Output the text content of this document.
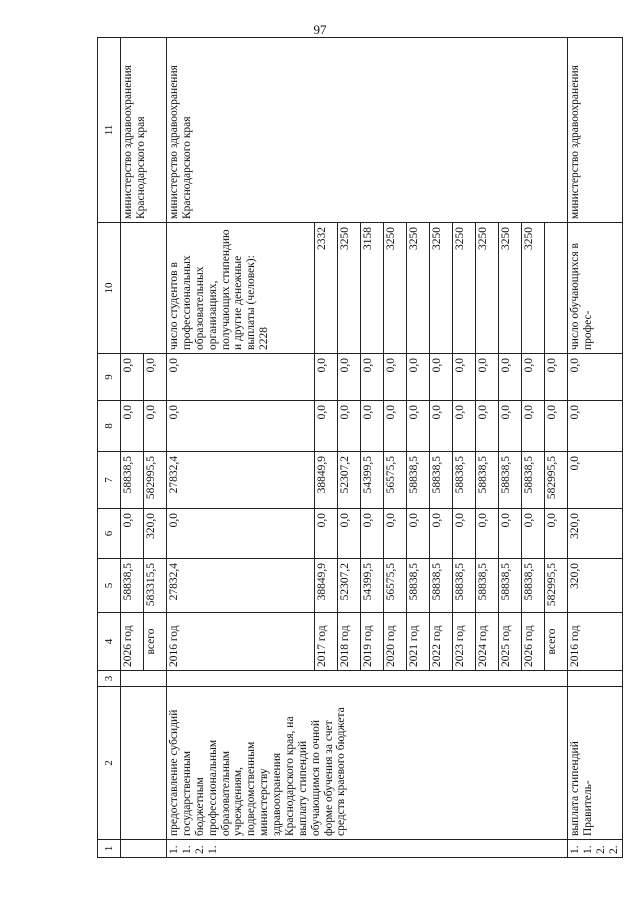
97
1	2	3	4	5	6	7	8	9	10	11
			2026 год	58838,5	0,0	58838,5	0,0	0,0		министерство здравоохранения Краснодарского края
			всего	583315,5	320,0	582995,5	0,0	0,0		
1.1.2.1.	предоставление субсидий государственным бюджетным профессиональным образовательным учреждениям, подведомственным министерству здравоохранения Краснодарского края, на выплату стипендий обучающимся по очной форме обучения за счет средств краевого бюджета		2016 год	27832,4	0,0	27832,4	0,0	0,0	число студентов в профессиональных образовательных организациях, получающих стипендию и другие денежные выплаты (человек): 2228	министерство здравоохранения Краснодарского края
			2017 год	38849,9	0,0	38849,9	0,0	0,0	2332	
			2018 год	52307,2	0,0	52307,2	0,0	0,0	3250	
			2019 год	54399,5	0,0	54399,5	0,0	0,0	3158	
			2020 год	56575,5	0,0	56575,5	0,0	0,0	3250	
			2021 год	58838,5	0,0	58838,5	0,0	0,0	3250	
			2022 год	58838,5	0,0	58838,5	0,0	0,0	3250	
			2023 год	58838,5	0,0	58838,5	0,0	0,0	3250	
			2024 год	58838,5	0,0	58838,5	0,0	0,0	3250	
			2025 год	58838,5	0,0	58838,5	0,0	0,0	3250	
			2026 год	58838,5	0,0	58838,5	0,0	0,0	3250	
			всего	582995,5	0,0	582995,5	0,0	0,0		
1.1.2.2.	выплата стипендий Правитель-		2016 год	320,0	320,0	0,0	0,0	0,0	число обучающихся в профес-	министерство здравоохранения
